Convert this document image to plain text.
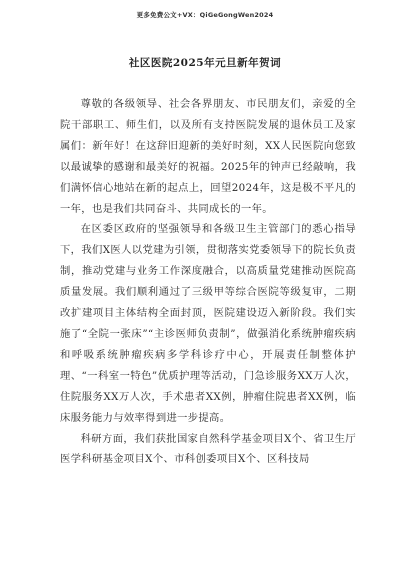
更多免费公文+VX：QiGeGongWen2024
社区医院2025年元旦新年贺词

尊敬的各级领导、社会各界朋友、市民朋友们，亲爱的全院干部职工、师生们，以及所有支持医院发展的退休员工及家属们：新年好！在这辞旧迎新的美好时刻，XX人民医院向您致以最诚挚的感谢和最美好的祝福。2025年的钟声已经敲响，我们满怀信心地站在新的起点上，回望2024年，这是极不平凡的一年，也是我们共同奋斗、共同成长的一年。

在区委区政府的坚强领导和各级卫生主管部门的悉心指导下，我们X医人以党建为引领，贯彻落实党委领导下的院长负责制，推动党建与业务工作深度融合，以高质量党建推动医院高质量发展。我们顺利通过了三级甲等综合医院等级复审，二期改扩建项目主体结构全面封顶，医院建设迈入新阶段。我们实施了“全院一张床”“主诊医师负责制”，做强消化系统肿瘤疾病和呼吸系统肿瘤疾病多学科诊疗中心，开展责任制整体护理、“一科室一特色”优质护理等活动，门急诊服务XX万人次，住院服务XX万人次，手术患者XX例，肿瘤住院患者XX例，临床服务能力与效率得到进一步提高。

科研方面，我们获批国家自然科学基金项目X个、省卫生厅医学科研基金项目X个、市科创委项目X个、区科技局
